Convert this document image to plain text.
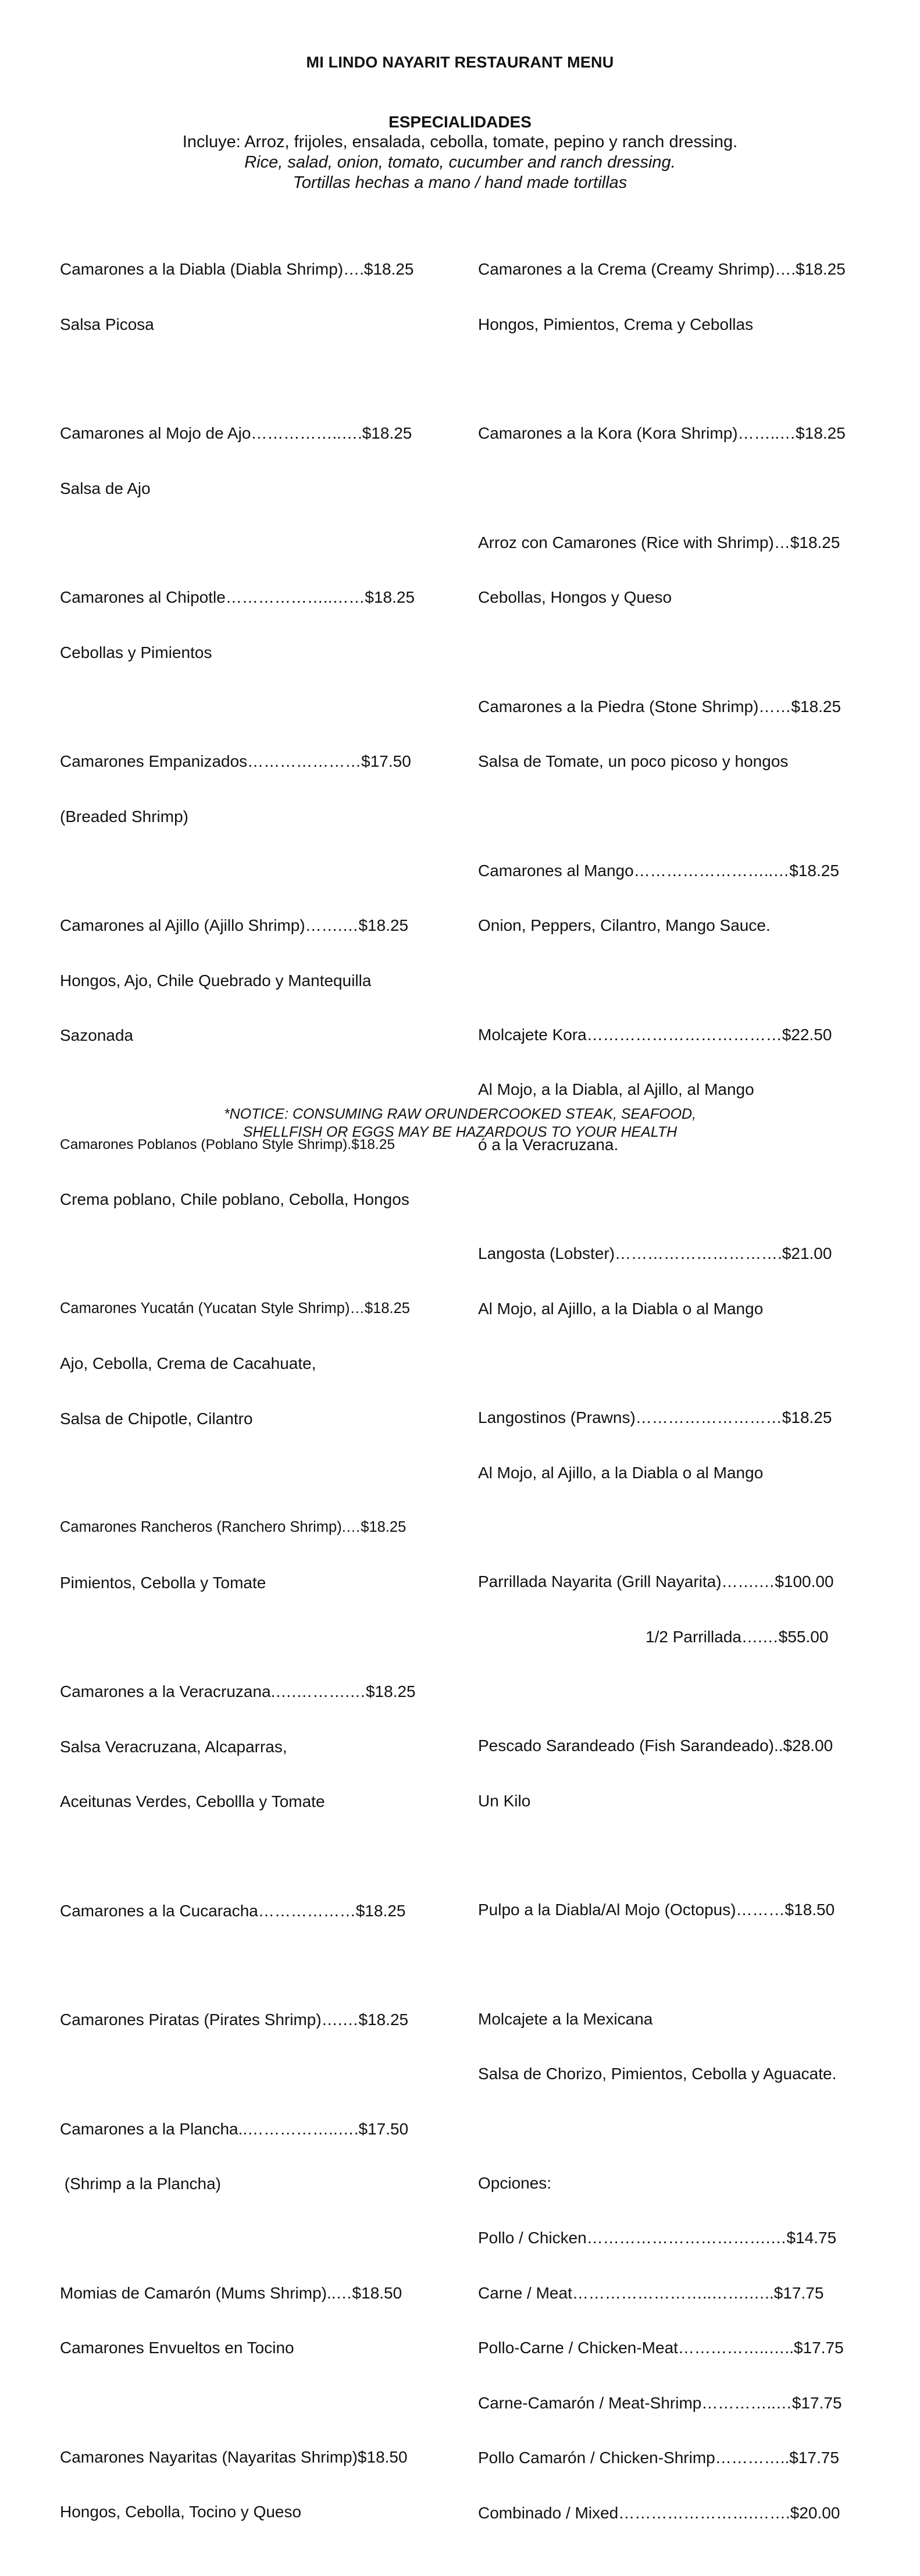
MI LINDO NAYARIT RESTAURANT MENU
ESPECIALIDADES
Incluye: Arroz, frijoles, ensalada, cebolla, tomate, pepino y ranch dressing.
Rice, salad, onion, tomato, cucumber and ranch dressing.
Tortillas hechas a mano / hand made tortillas

Camarones a la Diabla (Diabla Shrimp)….$18.25

Salsa Picosa

Camarones al Mojo de Ajo……………..….$18.25

Salsa de Ajo

Camarones al Chipotle………………..……$18.25

Cebollas y Pimientos

Camarones Empanizados…………………$17.50

(Breaded Shrimp)

Camarones al Ajillo (Ajillo Shrimp)…….…$18.25

Hongos, Ajo, Chile Quebrado y Mantequilla

Sazonada

Camarones Poblanos (Poblano Style Shrimp).$18.25

Crema poblano, Chile poblano, Cebolla, Hongos

Camarones Yucatán (Yucatan Style Shrimp)…$18.25

Ajo, Cebolla, Crema de Cacahuate,

Salsa de Chipotle, Cilantro

Camarones Rancheros (Ranchero Shrimp).…$18.25

Pimientos, Cebolla y Tomate

Camarones a la Veracruzana.….……….…$18.25

Salsa Veracruzana, Alcaparras,

Aceitunas Verdes, Cebollla y Tomate

Camarones a la Cucaracha………………$18.25

Camarones Piratas (Pirates Shrimp)….…$18.25

Camarones a la Plancha..……………..….$17.50

(Shrimp a la Plancha)

Momias de Camarón (Mums Shrimp)..…$18.50

Camarones Envueltos en Tocino

Camarones Nayaritas (Nayaritas Shrimp)$18.50

Hongos, Cebolla, Tocino y Queso

Camarones a la Crema (Creamy Shrimp)….$18.25

Hongos, Pimientos, Crema y Cebollas

Camarones a la Kora (Kora Shrimp)……..…$18.25

Arroz con Camarones (Rice with Shrimp)…$18.25

Cebollas, Hongos y Queso

Camarones a la Piedra (Stone Shrimp)……$18.25

Salsa de Tomate, un poco picoso y hongos

Camarones al Mango……………………..…$18.25

Onion, Peppers, Cilantro, Mango Sauce.

Molcajete Kora………………………………$22.50

Al Mojo, a la Diabla, al Ajillo, al Mango

ó a la Veracruzana.

Langosta (Lobster)………………………….$21.00

Al Mojo, al Ajillo, a la Diabla o al Mango

Langostinos (Prawns)………………………$18.25

Al Mojo, al Ajillo, a la Diabla o al Mango

Parrillada Nayarita (Grill Nayarita)…….…$100.00

1/2 Parrillada….…$55.00

Pescado Sarandeado (Fish Sarandeado)..$28.00

Un Kilo

Pulpo a la Diabla/Al Mojo (Octopus)………$18.50

Molcajete a la Mexicana

Salsa de Chorizo, Pimientos, Cebolla y Aguacate.

Opciones:

Pollo / Chicken…………………………….…$14.75

Carne / Meat……………………..…….…..$17.75

Pollo-Carne / Chicken-Meat……………..…..$17.75

Carne-Camarón / Meat-Shrimp…………..…$17.75

Pollo Camarón / Chicken-Shrimp…………..$17.75

Combinado / Mixed…………………….…….$20.00

*NOTICE: CONSUMING RAW ORUNDERCOOKED STEAK, SEAFOOD,
SHELLFISH OR EGGS MAY BE HAZARDOUS TO YOUR HEALTH
